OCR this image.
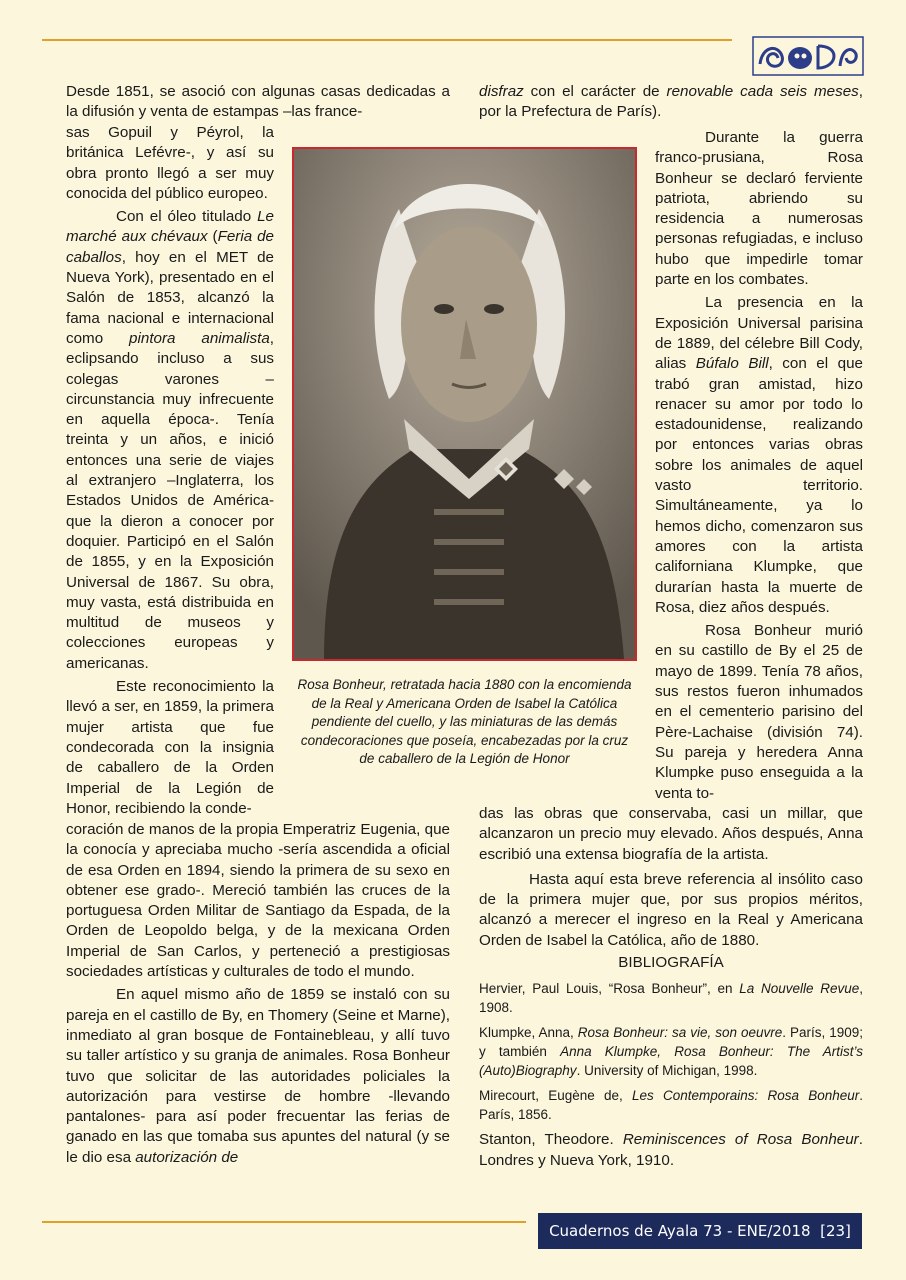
Desde 1851, se asoció con algunas casas dedicadas a la difusión y venta de estampas –las france-

sas Gopuil y Péyrol, la británica Lefévre-, y así su obra pronto llegó a ser muy conocida del público europeo.

Con el óleo titulado Le marché aux chévaux (Feria de caballos, hoy en el MET de Nueva York), presentado en el Salón de 1853, alcanzó la fama nacional e internacional como pintora animalista, eclipsando incluso a sus colegas varones –circunstancia muy infrecuente en aquella época-. Tenía treinta y un años, e inició entonces una serie de viajes al extranjero –Inglaterra, los Estados Unidos de América-que la dieron a conocer por doquier. Participó en el Salón de 1855, y en la Exposición Universal de 1867. Su obra, muy vasta, está distribuida en multitud de museos y colecciones europeas y americanas.

Este reconocimiento la llevó a ser, en 1859, la primera mujer artista que fue condecorada con la insignia de caballero de la Orden Imperial de la Legión de Honor, recibiendo la conde-

coración de manos de la propia Emperatriz Eugenia, que la conocía y apreciaba mucho -sería ascendida a oficial de esa Orden en 1894, siendo la primera de su sexo en obtener ese grado-. Mereció también las cruces de la portuguesa Orden Militar de Santiago da Espada, de la Orden de Leopoldo belga, y de la mexicana Orden Imperial de San Carlos, y perteneció a prestigiosas sociedades artísticas y culturales de todo el mundo.

En aquel mismo año de 1859 se instaló con su pareja en el castillo de By, en Thomery (Seine et Marne), inmediato al gran bosque de Fontainebleau, y allí tuvo su taller artístico y su granja de animales. Rosa Bonheur tuvo que solicitar de las autoridades policiales la autorización para vestirse de hombre -llevando pantalones- para así poder frecuentar las ferias de ganado en las que tomaba sus apuntes del natural (y se le dio esa autorización de

Rosa Bonheur, retratada hacia 1880 con la encomienda de la Real y Americana Orden de Isabel la Católica pendiente del cuello, y las miniaturas de las demás condecoraciones que poseía, encabezadas por la cruz de caballero de la Legión de Honor

disfraz con el carácter de renovable cada seis meses, por la Prefectura de París).

Durante la guerra franco-prusiana, Rosa Bonheur se declaró ferviente patriota, abriendo su residencia a numerosas personas refugiadas, e incluso hubo que impedirle tomar parte en los combates.

La presencia en la Exposición Universal parisina de 1889, del célebre Bill Cody, alias Búfalo Bill, con el que trabó gran amistad, hizo renacer su amor por todo lo estadounidense, realizando por entonces varias obras sobre los animales de aquel vasto territorio. Simultáneamente, ya lo hemos dicho, comenzaron sus amores con la artista californiana Klumpke, que durarían hasta la muerte de Rosa, diez años después.

Rosa Bonheur murió en su castillo de By el 25 de mayo de 1899. Tenía 78 años, sus restos fueron inhumados en el cementerio parisino del Père-Lachaise (división 74). Su pareja y heredera Anna Klumpke puso enseguida a la venta to-

das las obras que conservaba, casi un millar, que alcanzaron un precio muy elevado. Años después, Anna escribió una extensa biografía de la artista.

Hasta aquí esta breve referencia al insólito caso de la primera mujer que, por sus propios méritos, alcanzó a merecer el ingreso en la Real y Americana Orden de Isabel la Católica, año de 1880.

BIBLIOGRAFÍA

Hervier, Paul Louis, “Rosa Bonheur”, en La Nouvelle Revue, 1908.

Klumpke, Anna, Rosa Bonheur: sa vie, son oeuvre. París, 1909; y también Anna Klumpke, Rosa Bonheur: The Artist’s (Auto)Biography. University of Michigan, 1998.

Mirecourt, Eugène de, Les Contemporains: Rosa Bonheur. París, 1856.

Stanton, Theodore. Reminiscences of Rosa Bonheur. Londres y Nueva York, 1910.

Cuadernos de Ayala 73 - ENE/2018  [23]
